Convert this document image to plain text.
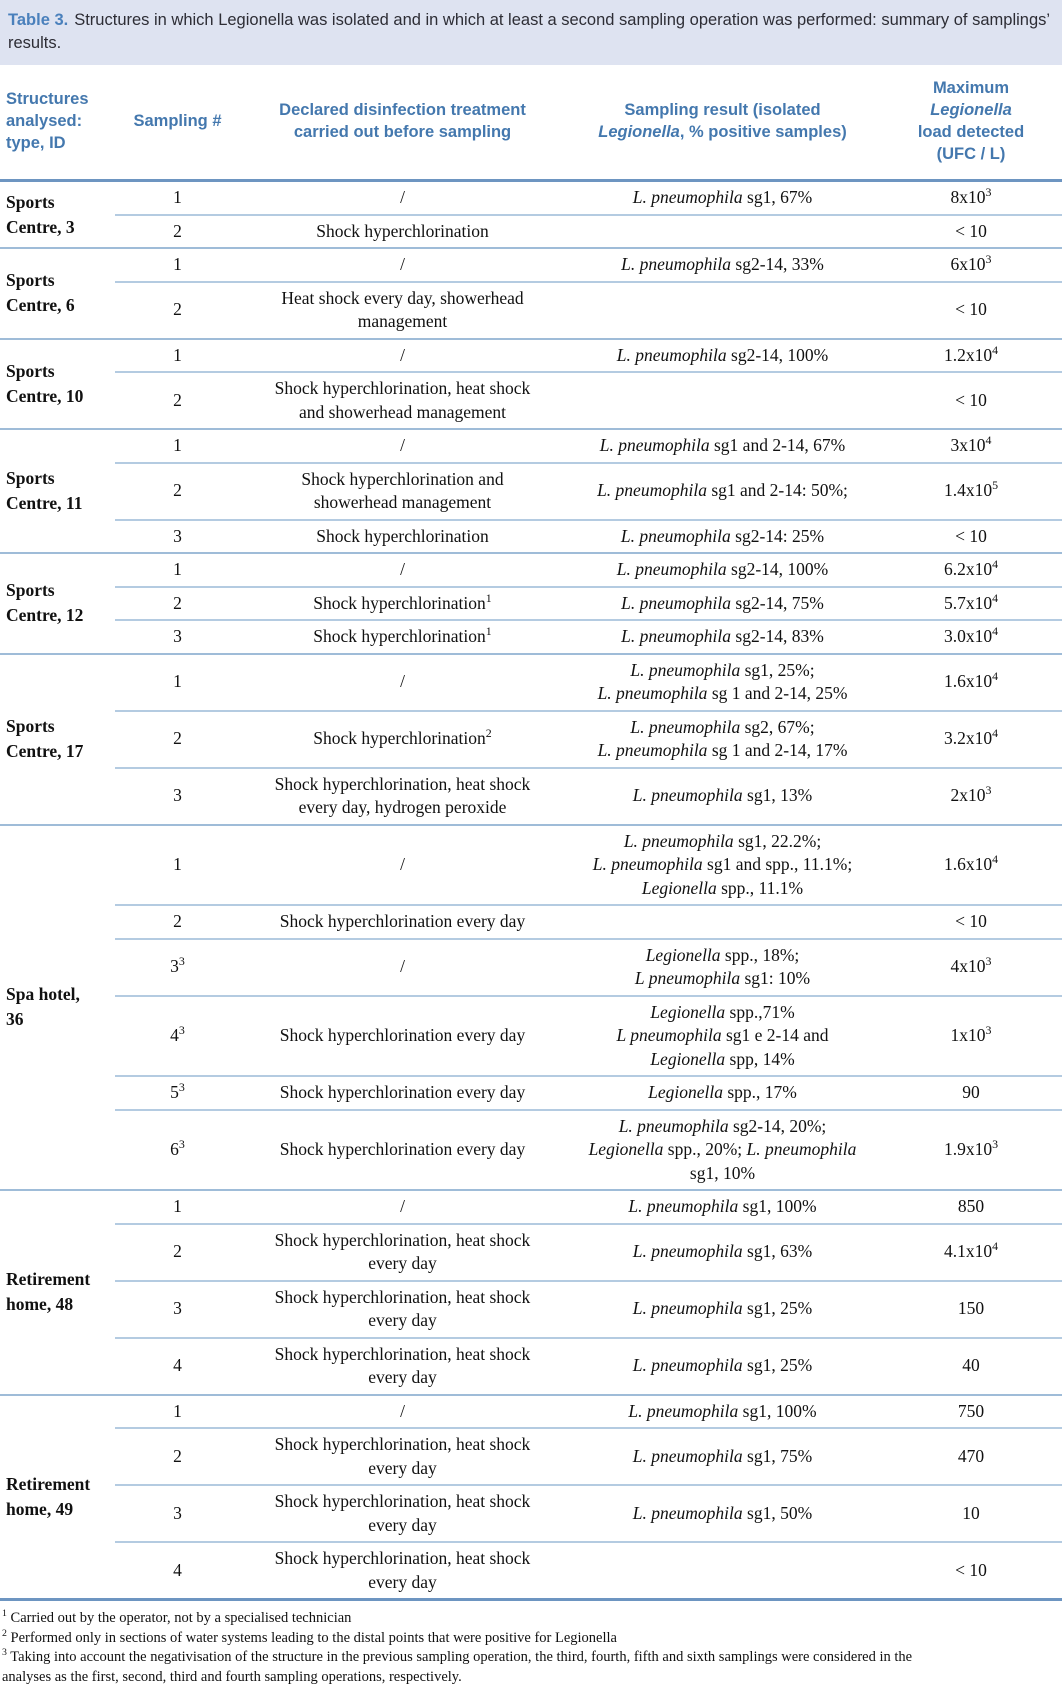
Table 3. Structures in which Legionella was isolated and in which at least a second sampling operation was performed: summary of samplings’ results.
Structures
analysed:
type, ID	Sampling #	Declared disinfection treatment
carried out before sampling	Sampling result (isolated
Legionella, % positive samples)	Maximum
Legionella
load detected
(UFC / L)
Sports
Centre, 3	1	/	L. pneumophila sg1, 67%	$8x10^3$
	2	Shock hyperchlorination		< 10
Sports
Centre, 6	1	/	L. pneumophila sg2-14, 33%	$6x10^3$
	2	Heat shock every day, showerhead
management		< 10
Sports
Centre, 10	1	/	L. pneumophila sg2-14, 100%	$1.2x10^4$
	2	Shock hyperchlorination, heat shock
and showerhead management		< 10
Sports
Centre, 11	1	/	L. pneumophila sg1 and 2-14, 67%	$3x10^4$
	2	Shock hyperchlorination and
showerhead management	L. pneumophila sg1 and 2-14: 50%;	$1.4x10^5$
	3	Shock hyperchlorination	L. pneumophila sg2-14: 25%	< 10
Sports
Centre, 12	1	/	L. pneumophila sg2-14, 100%	$6.2x10^4$
	2	Shock hyperchlorination$^1$	L. pneumophila sg2-14, 75%	$5.7x10^4$
	3	Shock hyperchlorination$^1$	L. pneumophila sg2-14, 83%	$3.0x10^4$
Sports
Centre, 17	1	/	L. pneumophila sg1, 25%;
L. pneumophila sg 1 and 2-14, 25%	$1.6x10^4$
	2	Shock hyperchlorination$^2$	L. pneumophila sg2, 67%;
L. pneumophila sg 1 and 2-14, 17%	$3.2x10^4$
	3	Shock hyperchlorination, heat shock
every day, hydrogen peroxide	L. pneumophila sg1, 13%	$2x10^3$
Spa hotel,
36	1	/	L. pneumophila sg1, 22.2%;
L. pneumophila sg1 and spp., 11.1%;
Legionella spp., 11.1%	$1.6x10^4$
	2	Shock hyperchlorination every day		< 10
	$3^3$	/	Legionella spp., 18%;
L pneumophila sg1: 10%	$4x10^3$
	$4^3$	Shock hyperchlorination every day	Legionella spp.,71%
L pneumophila sg1 e 2-14 and
Legionella spp, 14%	$1x10^3$
	$5^3$	Shock hyperchlorination every day	Legionella spp., 17%	90
	$6^3$	Shock hyperchlorination every day	L. pneumophila sg2-14, 20%;
Legionella spp., 20%; L. pneumophila
sg1, 10%	$1.9x10^3$
Retirement
home, 48	1	/	L. pneumophila sg1, 100%	850
	2	Shock hyperchlorination, heat shock
every day	L. pneumophila sg1, 63%	$4.1x10^4$
	3	Shock hyperchlorination, heat shock
every day	L. pneumophila sg1, 25%	150
	4	Shock hyperchlorination, heat shock
every day	L. pneumophila sg1, 25%	40
Retirement
home, 49	1	/	L. pneumophila sg1, 100%	750
	2	Shock hyperchlorination, heat shock
every day	L. pneumophila sg1, 75%	470
	3	Shock hyperchlorination, heat shock
every day	L. pneumophila sg1, 50%	10
	4	Shock hyperchlorination, heat shock
every day		< 10
$^1$ Carried out by the operator, not by a specialised technician
$^2$ Performed only in sections of water systems leading to the distal points that were positive for Legionella
$^3$ Taking into account the negativisation of the structure in the previous sampling operation, the third, fourth, fifth and sixth samplings were considered in the
analyses as the first, second, third and fourth sampling operations, respectively.
